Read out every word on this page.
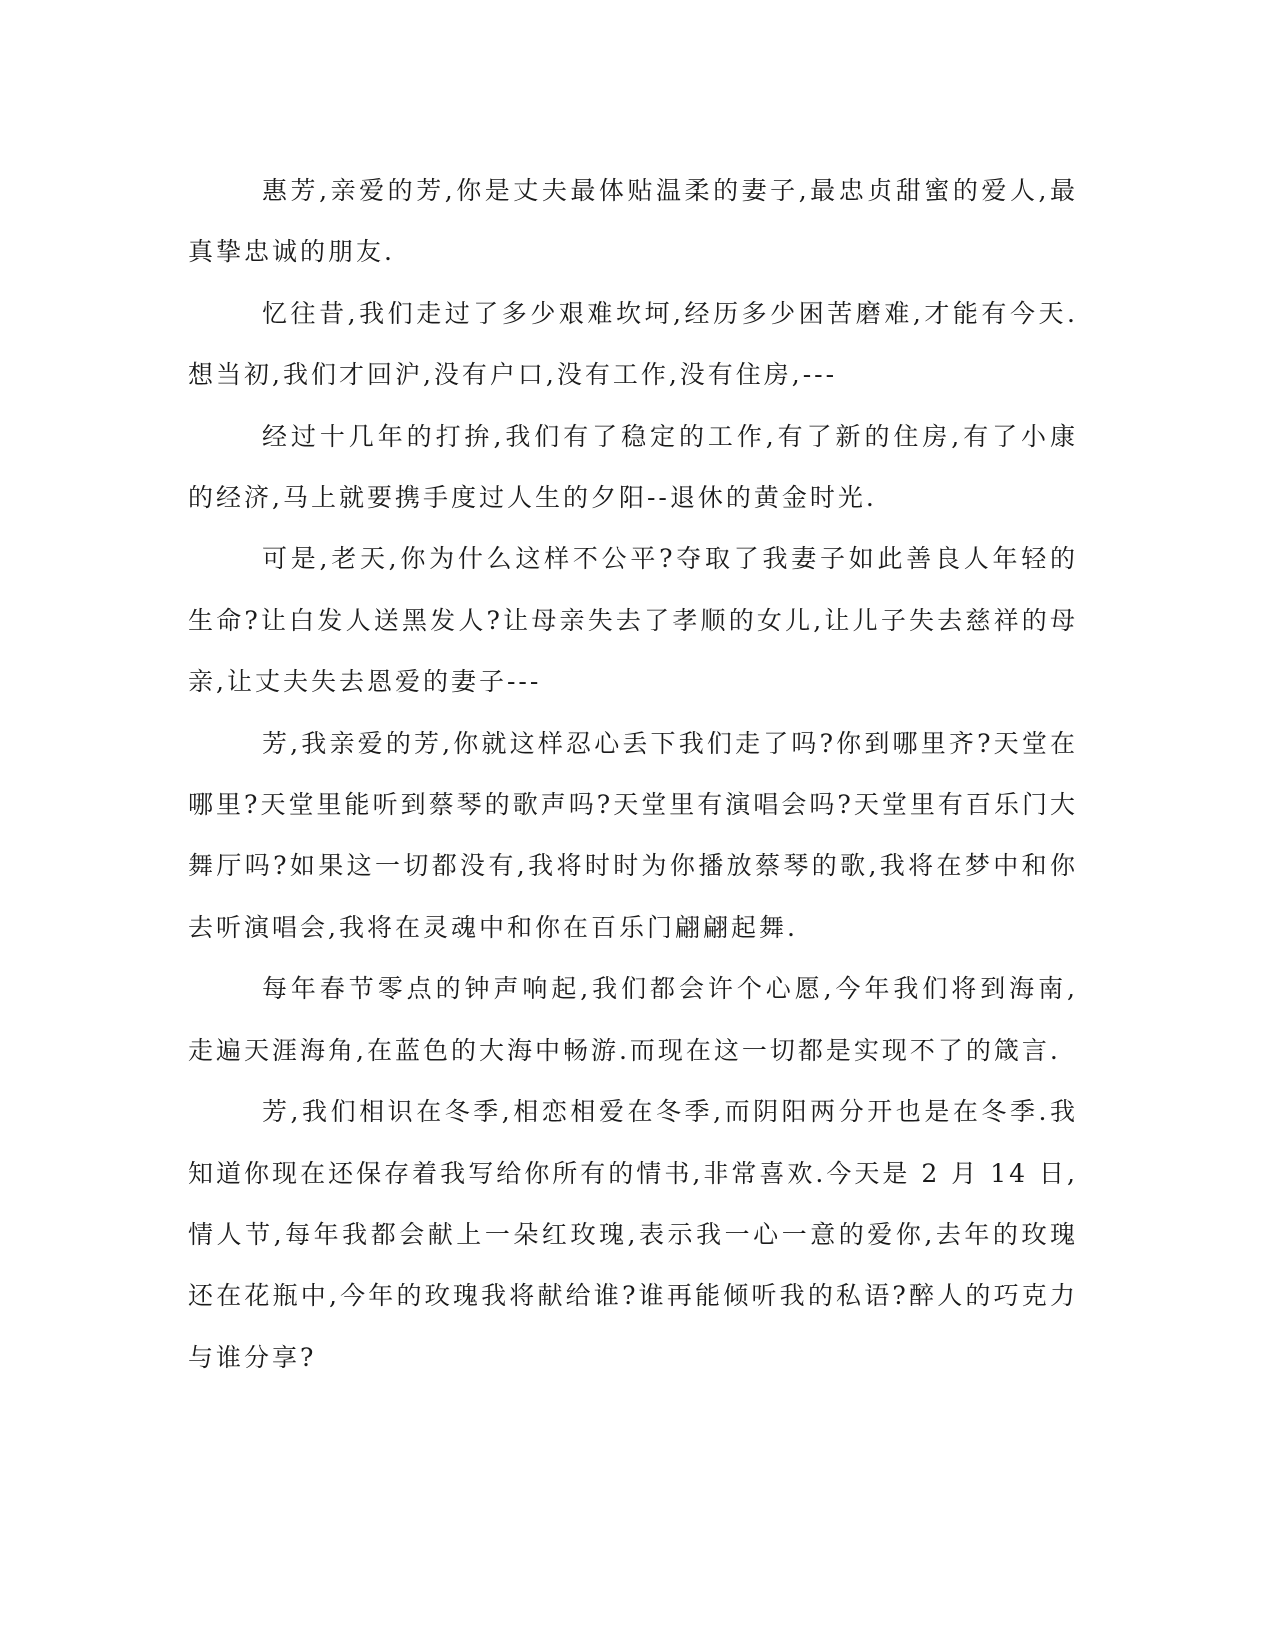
惠芳,亲爱的芳,你是丈夫最体贴温柔的妻子,最忠贞甜蜜的爱人,最真挚忠诚的朋友.

忆往昔,我们走过了多少艰难坎坷,经历多少困苦磨难,才能有今天.想当初,我们才回沪,没有户口,没有工作,没有住房,---

经过十几年的打拚,我们有了稳定的工作,有了新的住房,有了小康的经济,马上就要携手度过人生的夕阳--退休的黄金时光.

可是,老天,你为什么这样不公平?夺取了我妻子如此善良人年轻的生命?让白发人送黑发人?让母亲失去了孝顺的女儿,让儿子失去慈祥的母亲,让丈夫失去恩爱的妻子---

芳,我亲爱的芳,你就这样忍心丢下我们走了吗?你到哪里齐?天堂在哪里?天堂里能听到蔡琴的歌声吗?天堂里有演唱会吗?天堂里有百乐门大舞厅吗?如果这一切都没有,我将时时为你播放蔡琴的歌,我将在梦中和你去听演唱会,我将在灵魂中和你在百乐门翩翩起舞.

每年春节零点的钟声响起,我们都会许个心愿,今年我们将到海南,走遍天涯海角,在蓝色的大海中畅游.而现在这一切都是实现不了的箴言.

芳,我们相识在冬季,相恋相爱在冬季,而阴阳两分开也是在冬季.我知道你现在还保存着我写给你所有的情书,非常喜欢.今天是 2 月 14 日,情人节,每年我都会献上一朵红玫瑰,表示我一心一意的爱你,去年的玫瑰还在花瓶中,今年的玫瑰我将献给谁?谁再能倾听我的私语?醉人的巧克力与谁分享?
